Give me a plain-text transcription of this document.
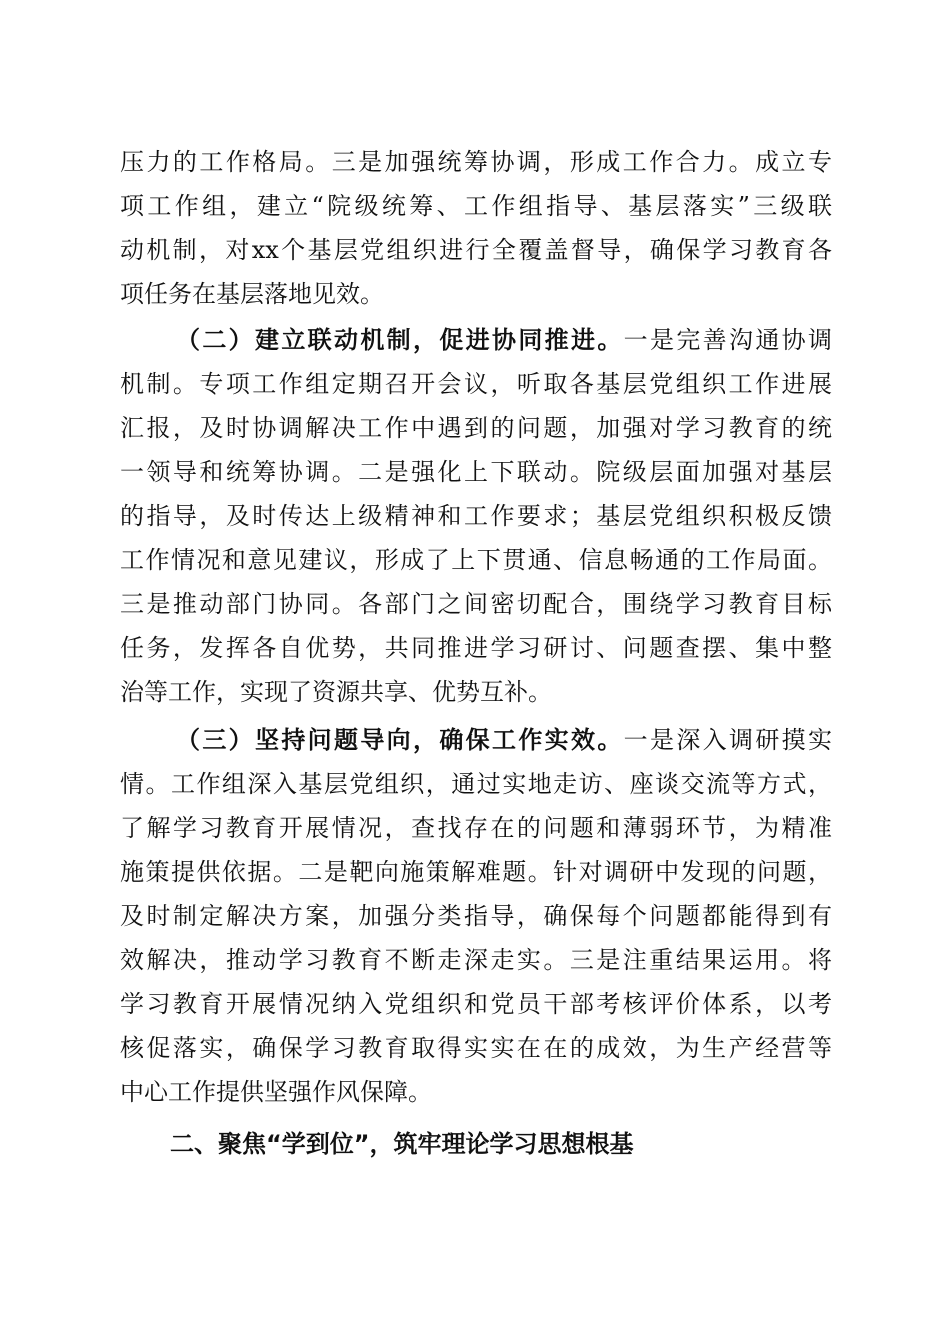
压力的工作格局。三是加强统筹协调，形成工作合力。成立专
项工作组，建立“院级统筹、工作组指导、基层落实”三级联
动机制，对xx个基层党组织进行全覆盖督导，确保学习教育各
项任务在基层落地见效。
（二）建立联动机制，促进协同推进。一是完善沟通协调
机制。专项工作组定期召开会议，听取各基层党组织工作进展
汇报，及时协调解决工作中遇到的问题，加强对学习教育的统
一领导和统筹协调。二是强化上下联动。院级层面加强对基层
的指导，及时传达上级精神和工作要求；基层党组织积极反馈
工作情况和意见建议，形成了上下贯通、信息畅通的工作局面。
三是推动部门协同。各部门之间密切配合，围绕学习教育目标
任务，发挥各自优势，共同推进学习研讨、问题查摆、集中整
治等工作，实现了资源共享、优势互补。
（三）坚持问题导向，确保工作实效。一是深入调研摸实
情。工作组深入基层党组织，通过实地走访、座谈交流等方式，
了解学习教育开展情况，查找存在的问题和薄弱环节，为精准
施策提供依据。二是靶向施策解难题。针对调研中发现的问题，
及时制定解决方案，加强分类指导，确保每个问题都能得到有
效解决，推动学习教育不断走深走实。三是注重结果运用。将
学习教育开展情况纳入党组织和党员干部考核评价体系，以考
核促落实，确保学习教育取得实实在在的成效，为生产经营等
中心工作提供坚强作风保障。
二、聚焦“学到位”，筑牢理论学习思想根基
